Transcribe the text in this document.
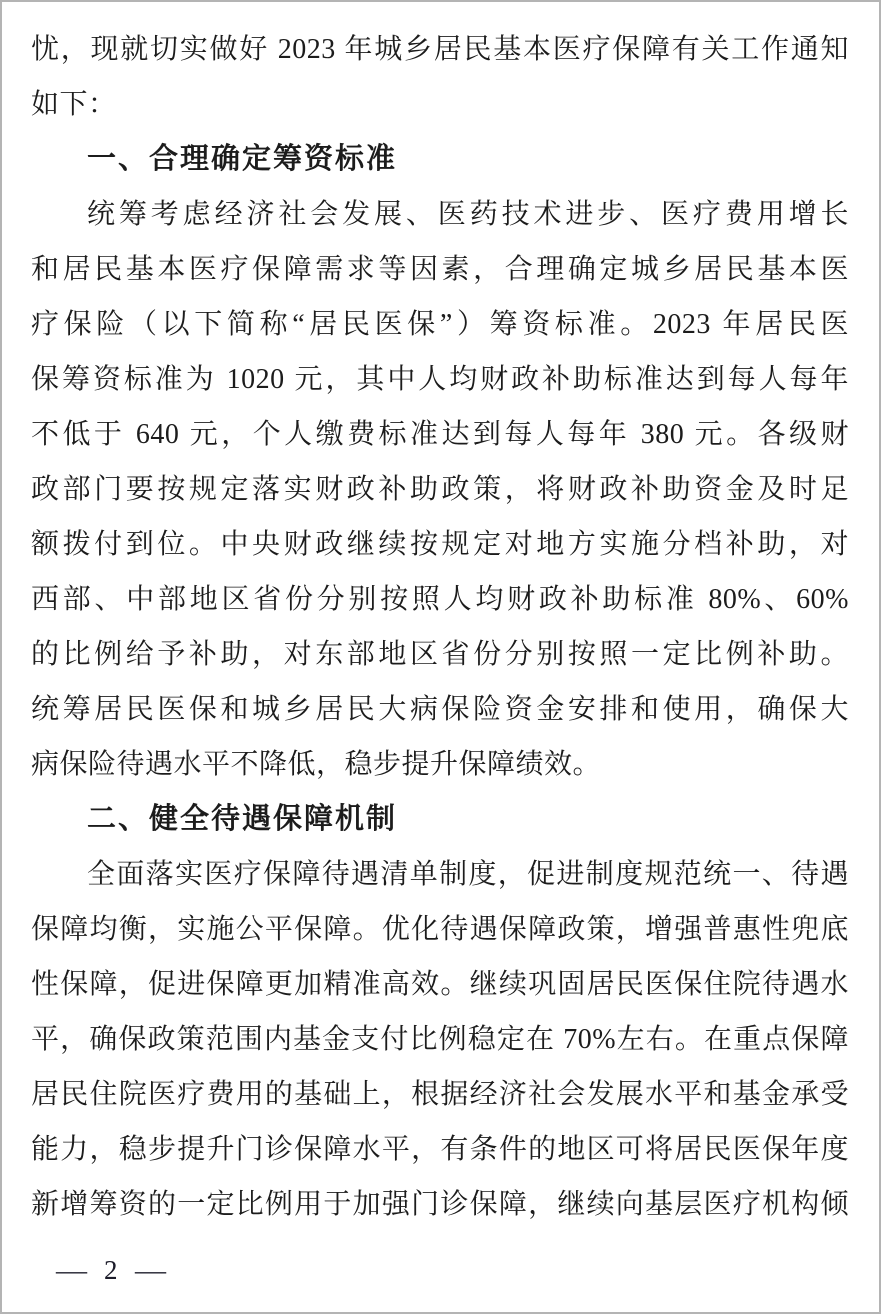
忧，现就切实做好 2023 年城乡居民基本医疗保障有关工作通知
如下：
一、合理确定筹资标准
统筹考虑经济社会发展、医药技术进步、医疗费用增长
和居民基本医疗保障需求等因素，合理确定城乡居民基本医
疗保险（以下简称“居民医保”）筹资标准。2023 年居民医
保筹资标准为 1020 元，其中人均财政补助标准达到每人每年
不低于 640 元，个人缴费标准达到每人每年 380 元。各级财
政部门要按规定落实财政补助政策，将财政补助资金及时足
额拨付到位。中央财政继续按规定对地方实施分档补助，对
西部、中部地区省份分别按照人均财政补助标准 80%、60%
的比例给予补助，对东部地区省份分别按照一定比例补助。
统筹居民医保和城乡居民大病保险资金安排和使用，确保大
病保险待遇水平不降低，稳步提升保障绩效。
二、健全待遇保障机制
全面落实医疗保障待遇清单制度，促进制度规范统一、待遇
保障均衡，实施公平保障。优化待遇保障政策，增强普惠性兜底
性保障，促进保障更加精准高效。继续巩固居民医保住院待遇水
平，确保政策范围内基金支付比例稳定在 70%左右。在重点保障
居民住院医疗费用的基础上，根据经济社会发展水平和基金承受
能力，稳步提升门诊保障水平，有条件的地区可将居民医保年度
新增筹资的一定比例用于加强门诊保障，继续向基层医疗机构倾
— 2 —
